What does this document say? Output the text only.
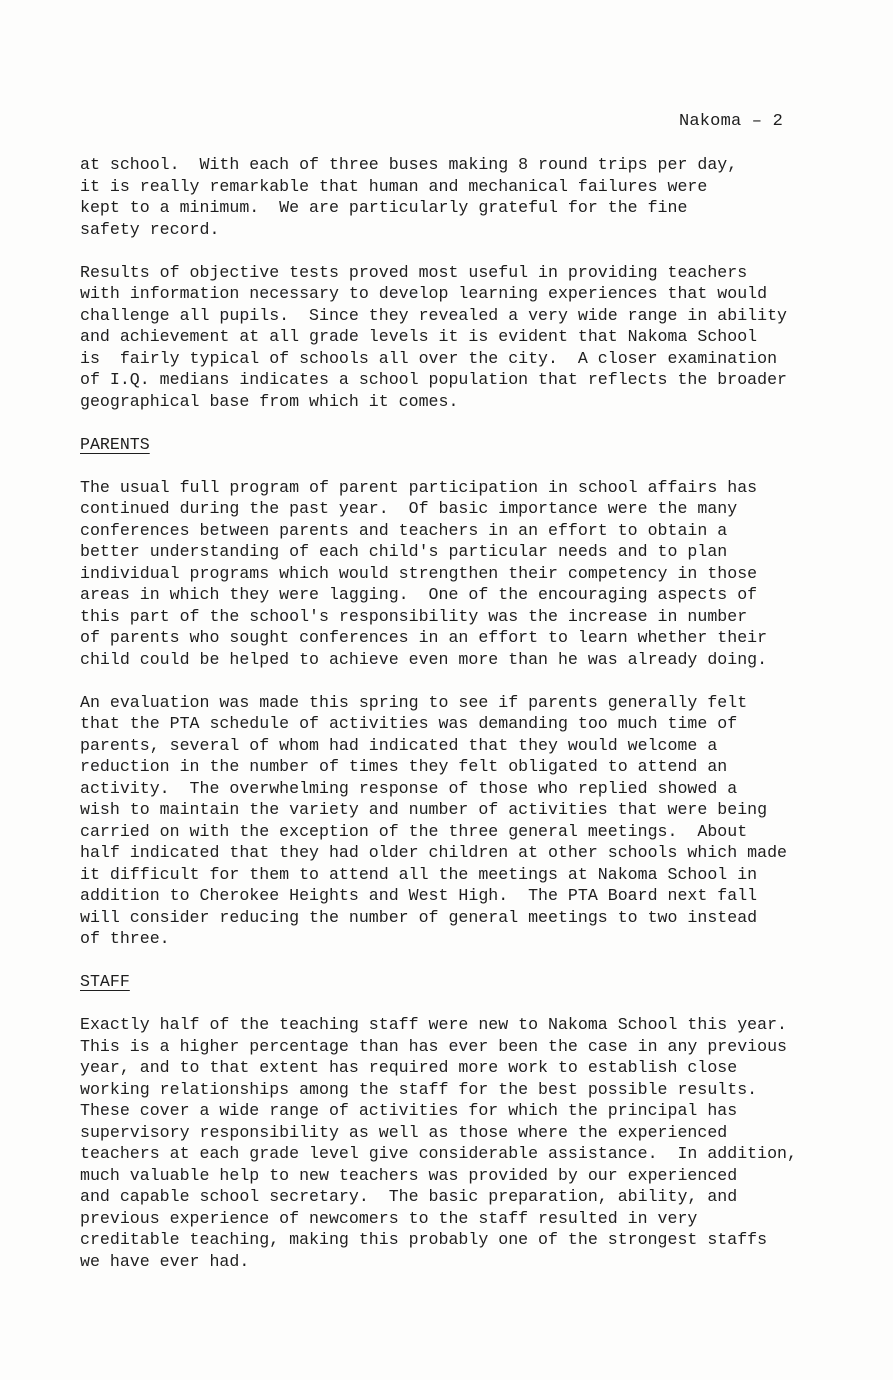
Nakoma – 2

at school.  With each of three buses making 8 round trips per day,
it is really remarkable that human and mechanical failures were
kept to a minimum.  We are particularly grateful for the fine
safety record.

Results of objective tests proved most useful in providing teachers
with information necessary to develop learning experiences that would
challenge all pupils.  Since they revealed a very wide range in ability
and achievement at all grade levels it is evident that Nakoma School
is  fairly typical of schools all over the city.  A closer examination
of I.Q. medians indicates a school population that reflects the broader
geographical base from which it comes.

PARENTS

The usual full program of parent participation in school affairs has
continued during the past year.  Of basic importance were the many
conferences between parents and teachers in an effort to obtain a
better understanding of each child's particular needs and to plan
individual programs which would strengthen their competency in those
areas in which they were lagging.  One of the encouraging aspects of
this part of the school's responsibility was the increase in number
of parents who sought conferences in an effort to learn whether their
child could be helped to achieve even more than he was already doing.

An evaluation was made this spring to see if parents generally felt
that the PTA schedule of activities was demanding too much time of
parents, several of whom had indicated that they would welcome a
reduction in the number of times they felt obligated to attend an
activity.  The overwhelming response of those who replied showed a
wish to maintain the variety and number of activities that were being
carried on with the exception of the three general meetings.  About
half indicated that they had older children at other schools which made
it difficult for them to attend all the meetings at Nakoma School in
addition to Cherokee Heights and West High.  The PTA Board next fall
will consider reducing the number of general meetings to two instead
of three.

STAFF

Exactly half of the teaching staff were new to Nakoma School this year.
This is a higher percentage than has ever been the case in any previous
year, and to that extent has required more work to establish close
working relationships among the staff for the best possible results.
These cover a wide range of activities for which the principal has
supervisory responsibility as well as those where the experienced
teachers at each grade level give considerable assistance.  In addition,
much valuable help to new teachers was provided by our experienced
and capable school secretary.  The basic preparation, ability, and
previous experience of newcomers to the staff resulted in very
creditable teaching, making this probably one of the strongest staffs
we have ever had.
